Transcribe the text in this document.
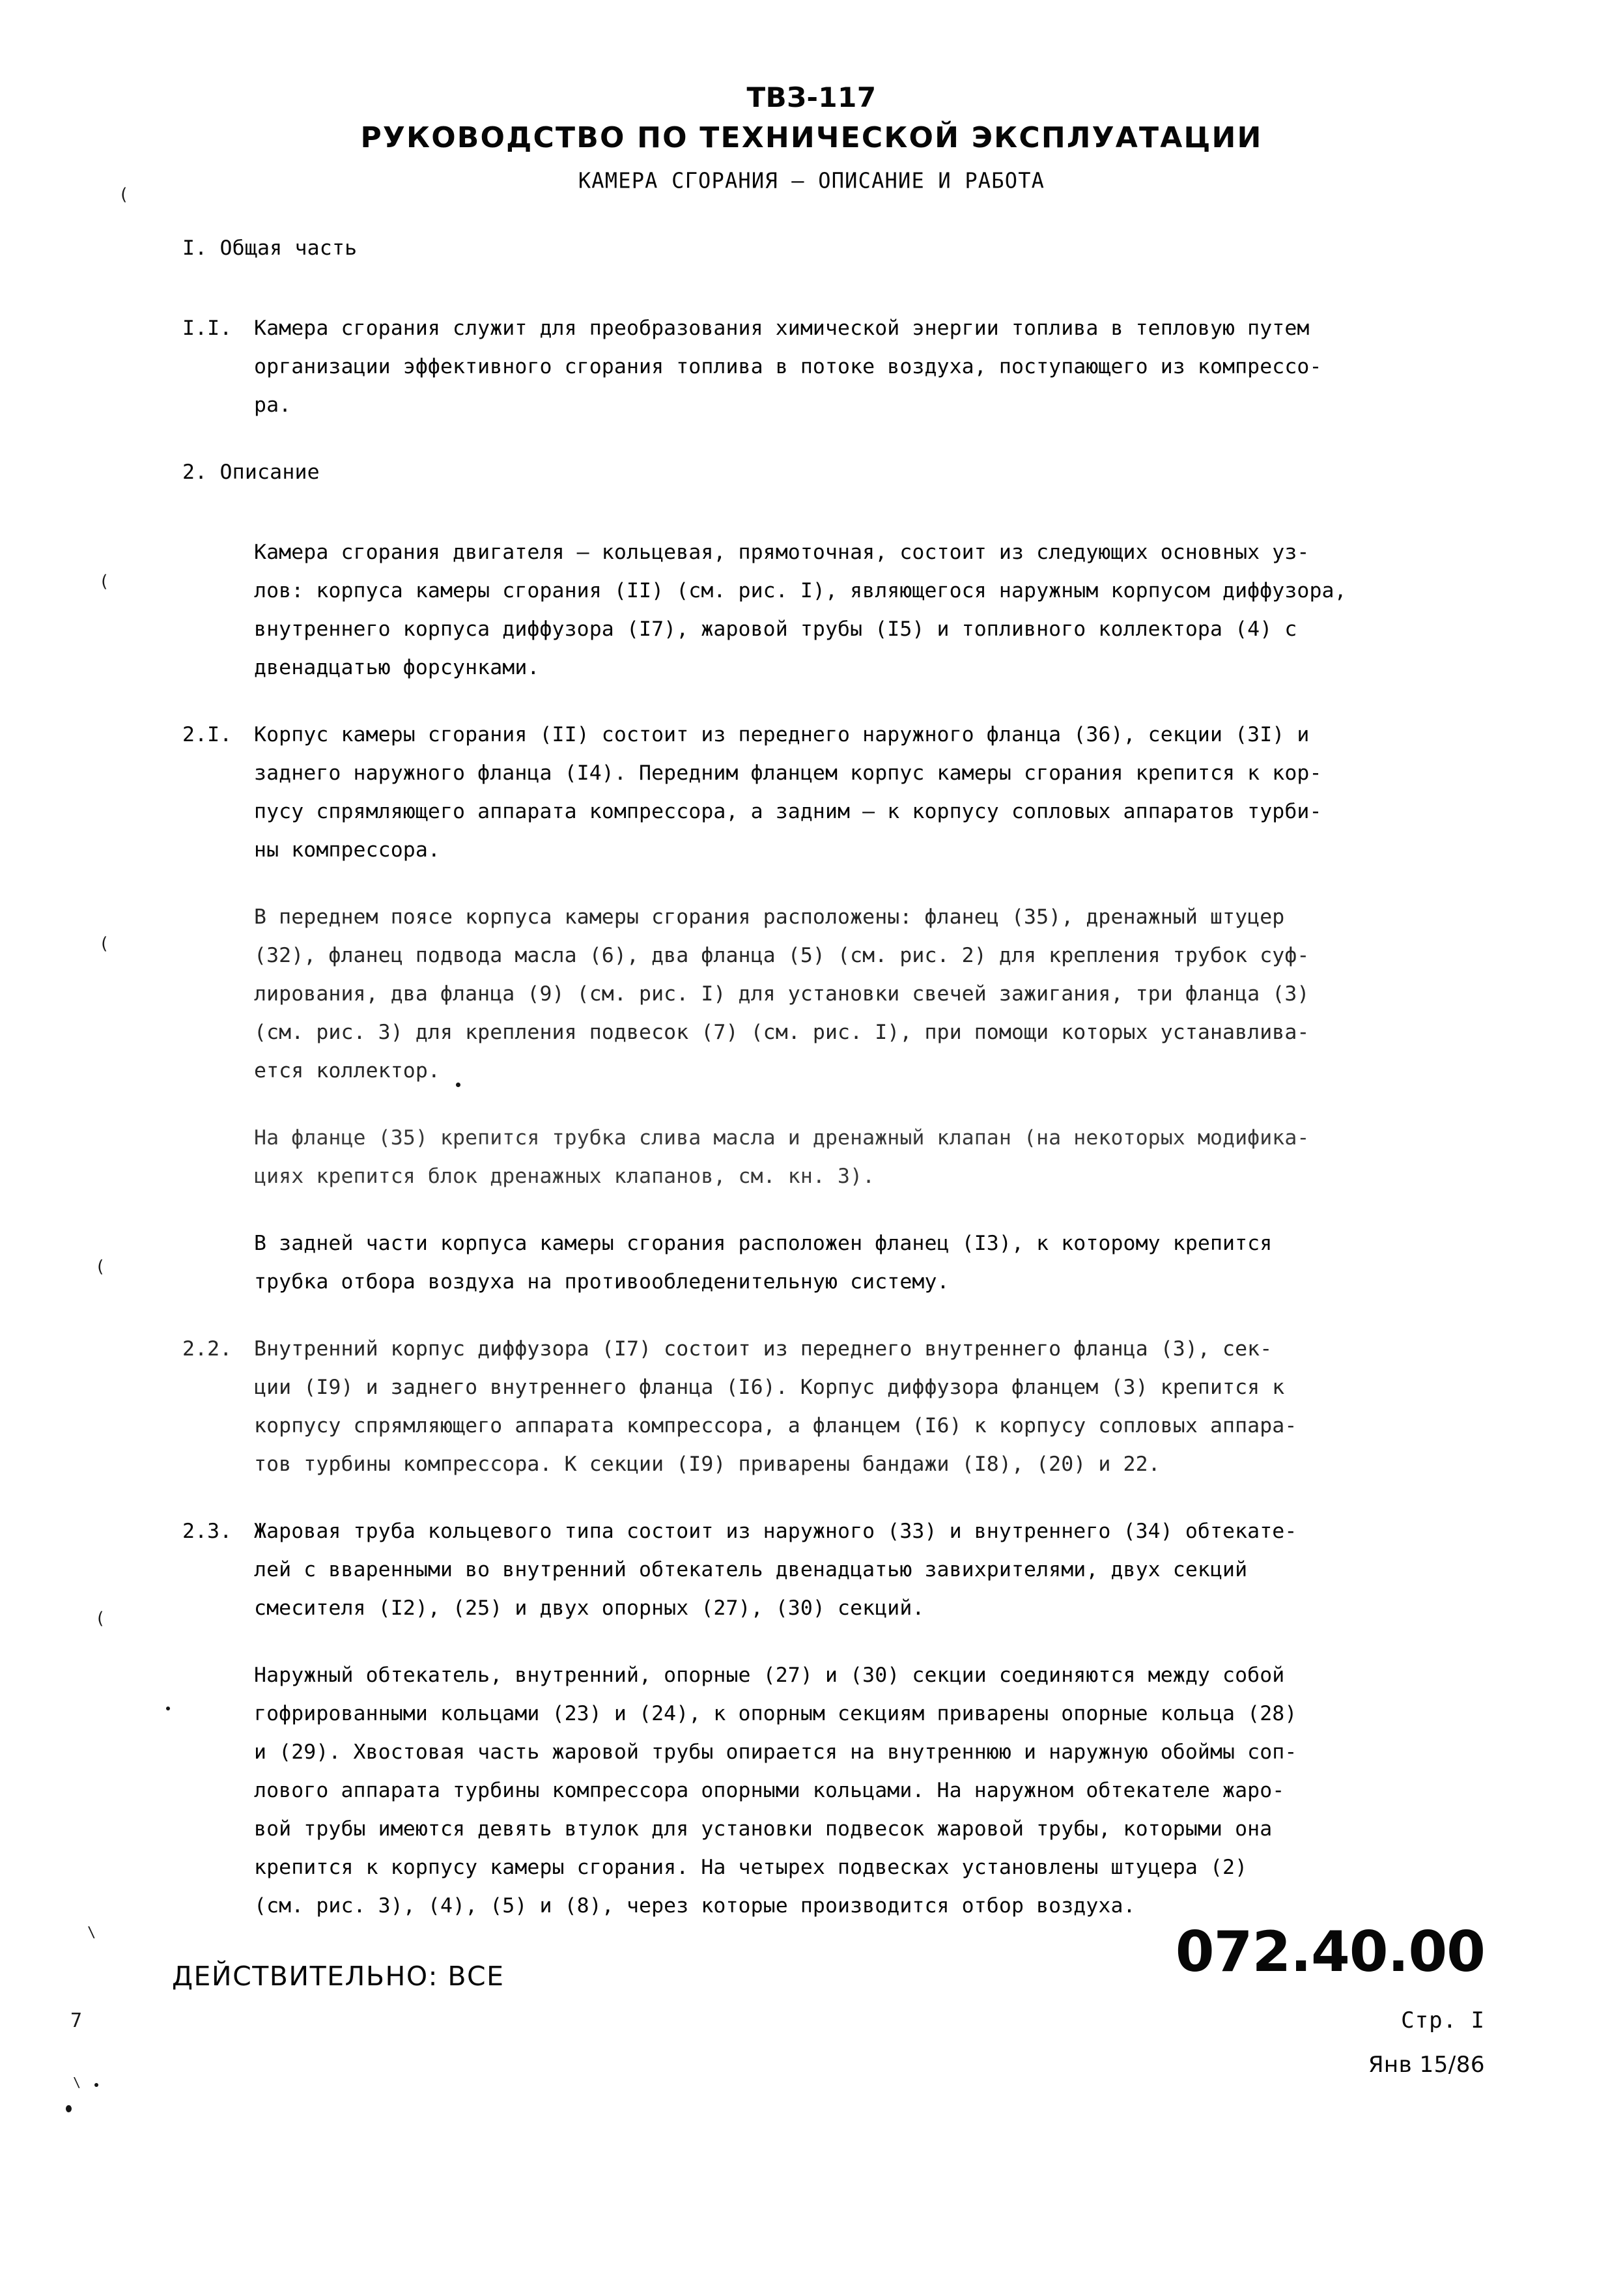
ТВЗ-117
РУКОВОДСТВО ПО ТЕХНИЧЕСКОЙ ЭКСПЛУАТАЦИИ
КАМЕРА СГОРАНИЯ – ОПИСАНИЕ И РАБОТА
I. Общая часть
I.I. Камера сгорания служит для преобразования химической энергии топлива в тепловую путем
организации эффективного сгорания топлива в потоке воздуха, поступающего из компрессо-
ра.
2. Описание
Камера сгорания двигателя – кольцевая, прямоточная, состоит из следующих основных уз-
лов: корпуса камеры сгорания (II) (см. рис. I), являющегося наружным корпусом диффузора,
внутреннего корпуса диффузора (I7), жаровой трубы (I5) и топливного коллектора (4) с
двенадцатью форсунками.
2.I. Корпус камеры сгорания (II) состоит из переднего наружного фланца (36), секции (3I) и
заднего наружного фланца (I4). Передним фланцем корпус камеры сгорания крепится к кор-
пусу спрямляющего аппарата компрессора, а задним – к корпусу сопловых аппаратов турби-
ны компрессора.
В переднем поясе корпуса камеры сгорания расположены: фланец (35), дренажный штуцер
(32), фланец подвода масла (6), два фланца (5) (см. рис. 2) для крепления трубок суф-
лирования, два фланца (9) (см. рис. I) для установки свечей зажигания, три фланца (3)
(см. рис. 3) для крепления подвесок (7) (см. рис. I), при помощи которых устанавлива-
ется коллектор.
На фланце (35) крепится трубка слива масла и дренажный клапан (на некоторых модифика-
циях крепится блок дренажных клапанов, см. кн. 3).
В задней части корпуса камеры сгорания расположен фланец (I3), к которому крепится
трубка отбора воздуха на противообледенительную систему.
2.2. Внутренний корпус диффузора (I7) состоит из переднего внутреннего фланца (3), сек-
ции (I9) и заднего внутреннего фланца (I6). Корпус диффузора фланцем (3) крепится к
корпусу спрямляющего аппарата компрессора, а фланцем (I6) к корпусу сопловых аппара-
тов турбины компрессора. К секции (I9) приварены бандажи (I8), (20) и 22.
2.3. Жаровая труба кольцевого типа состоит из наружного (33) и внутреннего (34) обтекате-
лей с вваренными во внутренний обтекатель двенадцатью завихрителями, двух секций
смесителя (I2), (25) и двух опорных (27), (30) секций.
Наружный обтекатель, внутренний, опорные (27) и (30) секции соединяются между собой
гофрированными кольцами (23) и (24), к опорным секциям приварены опорные кольца (28)
и (29). Хвостовая часть жаровой трубы опирается на внутреннюю и наружную обоймы соп-
лового аппарата турбины компрессора опорными кольцами. На наружном обтекателе жаро-
вой трубы имеются девять втулок для установки подвесок жаровой трубы, которыми она
крепится к корпусу камеры сгорания. На четырех подвесках установлены штуцера (2)
(см. рис. 3), (4), (5) и (8), через которые производится отбор воздуха.
ДЕЙСТВИТЕЛЬНО: ВСЕ	072.40.00
Стр. I
Янв 15/86
(
(
(
(
(
\
7
\
